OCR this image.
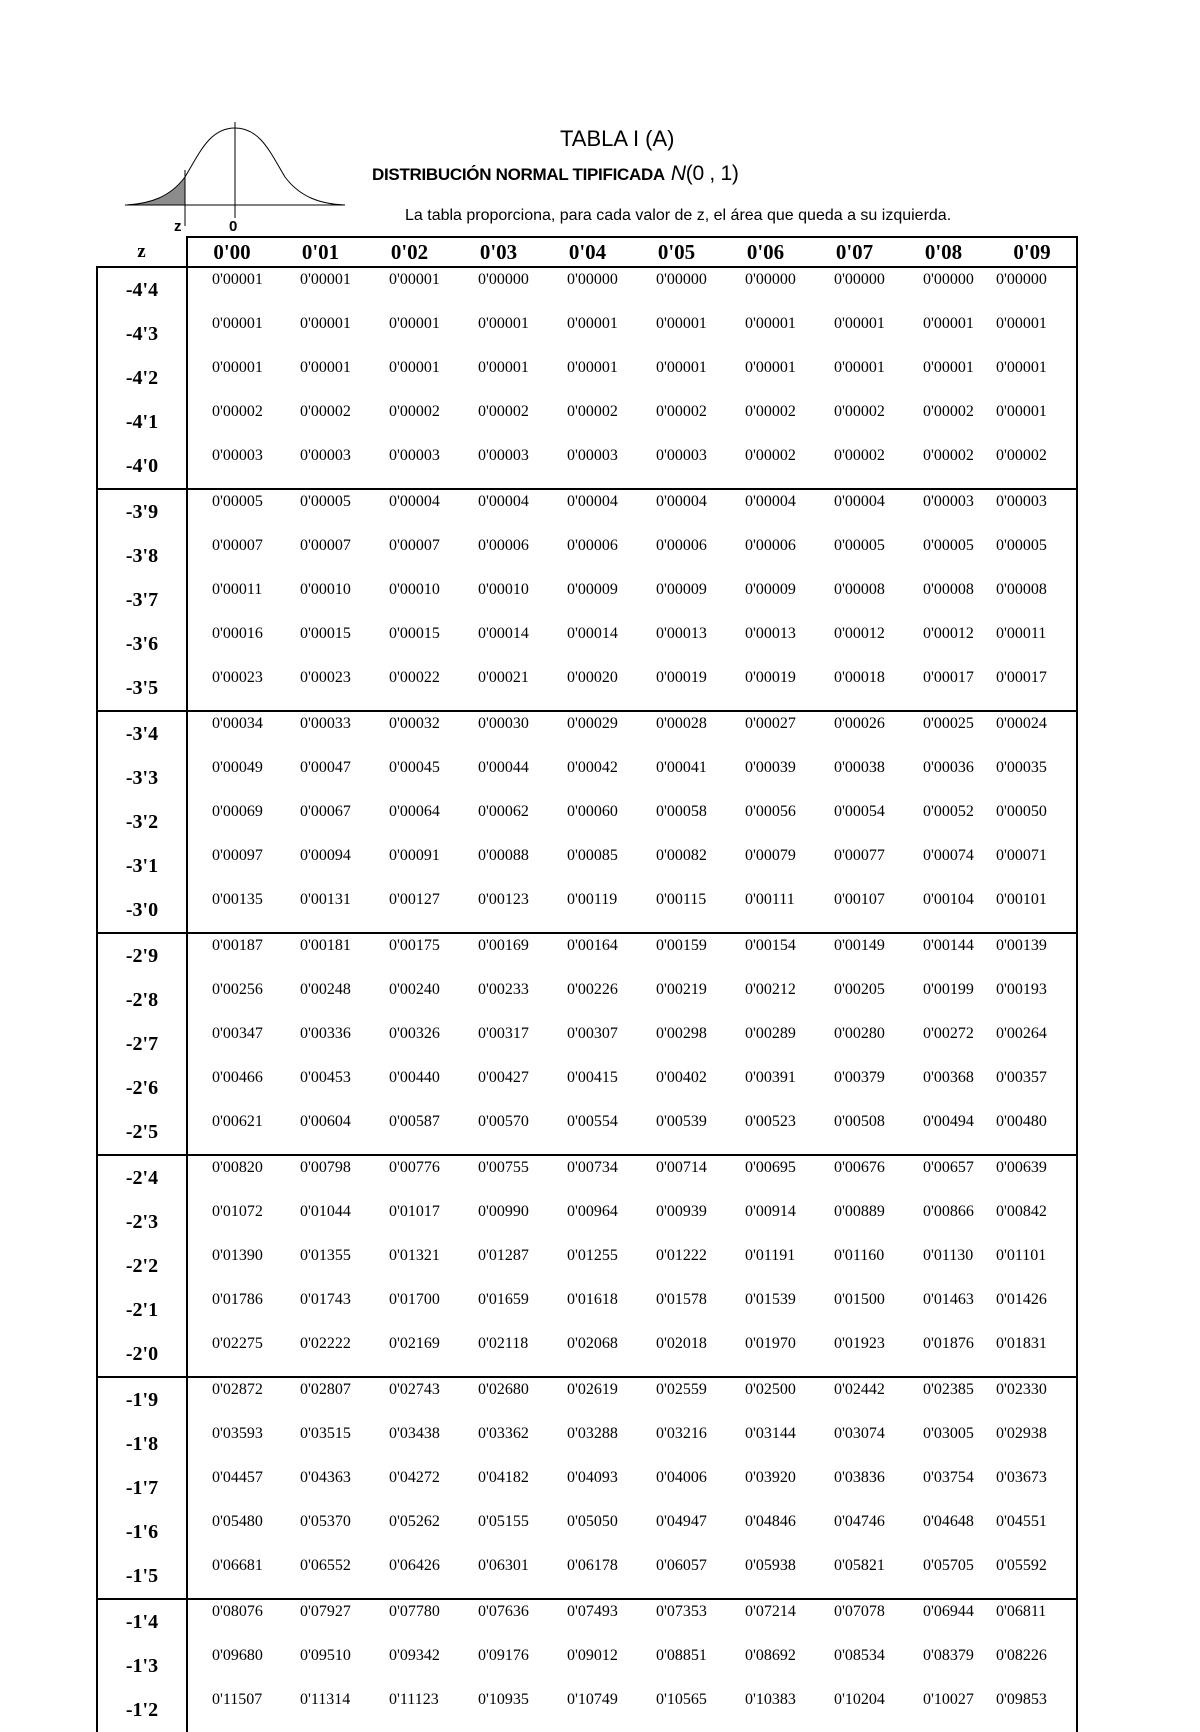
z	0
TABLA I (A)
DISTRIBUCIÓN NORMAL TIPIFICADA N(0 , 1)
La tabla proporciona, para cada valor de z, el área que queda a su izquierda.
z	0'00	0'01	0'02	0'03	0'04	0'05	0'06	0'07	0'08	0'09
-4'4	0'00001	0'00001	0'00001	0'00000	0'00000	0'00000	0'00000	0'00000	0'00000	0'00000
-4'3	0'00001	0'00001	0'00001	0'00001	0'00001	0'00001	0'00001	0'00001	0'00001	0'00001
-4'2	0'00001	0'00001	0'00001	0'00001	0'00001	0'00001	0'00001	0'00001	0'00001	0'00001
-4'1	0'00002	0'00002	0'00002	0'00002	0'00002	0'00002	0'00002	0'00002	0'00002	0'00001
-4'0	0'00003	0'00003	0'00003	0'00003	0'00003	0'00003	0'00002	0'00002	0'00002	0'00002
-3'9	0'00005	0'00005	0'00004	0'00004	0'00004	0'00004	0'00004	0'00004	0'00003	0'00003
-3'8	0'00007	0'00007	0'00007	0'00006	0'00006	0'00006	0'00006	0'00005	0'00005	0'00005
-3'7	0'00011	0'00010	0'00010	0'00010	0'00009	0'00009	0'00009	0'00008	0'00008	0'00008
-3'6	0'00016	0'00015	0'00015	0'00014	0'00014	0'00013	0'00013	0'00012	0'00012	0'00011
-3'5	0'00023	0'00023	0'00022	0'00021	0'00020	0'00019	0'00019	0'00018	0'00017	0'00017
-3'4	0'00034	0'00033	0'00032	0'00030	0'00029	0'00028	0'00027	0'00026	0'00025	0'00024
-3'3	0'00049	0'00047	0'00045	0'00044	0'00042	0'00041	0'00039	0'00038	0'00036	0'00035
-3'2	0'00069	0'00067	0'00064	0'00062	0'00060	0'00058	0'00056	0'00054	0'00052	0'00050
-3'1	0'00097	0'00094	0'00091	0'00088	0'00085	0'00082	0'00079	0'00077	0'00074	0'00071
-3'0	0'00135	0'00131	0'00127	0'00123	0'00119	0'00115	0'00111	0'00107	0'00104	0'00101
-2'9	0'00187	0'00181	0'00175	0'00169	0'00164	0'00159	0'00154	0'00149	0'00144	0'00139
-2'8	0'00256	0'00248	0'00240	0'00233	0'00226	0'00219	0'00212	0'00205	0'00199	0'00193
-2'7	0'00347	0'00336	0'00326	0'00317	0'00307	0'00298	0'00289	0'00280	0'00272	0'00264
-2'6	0'00466	0'00453	0'00440	0'00427	0'00415	0'00402	0'00391	0'00379	0'00368	0'00357
-2'5	0'00621	0'00604	0'00587	0'00570	0'00554	0'00539	0'00523	0'00508	0'00494	0'00480
-2'4	0'00820	0'00798	0'00776	0'00755	0'00734	0'00714	0'00695	0'00676	0'00657	0'00639
-2'3	0'01072	0'01044	0'01017	0'00990	0'00964	0'00939	0'00914	0'00889	0'00866	0'00842
-2'2	0'01390	0'01355	0'01321	0'01287	0'01255	0'01222	0'01191	0'01160	0'01130	0'01101
-2'1	0'01786	0'01743	0'01700	0'01659	0'01618	0'01578	0'01539	0'01500	0'01463	0'01426
-2'0	0'02275	0'02222	0'02169	0'02118	0'02068	0'02018	0'01970	0'01923	0'01876	0'01831
-1'9	0'02872	0'02807	0'02743	0'02680	0'02619	0'02559	0'02500	0'02442	0'02385	0'02330
-1'8	0'03593	0'03515	0'03438	0'03362	0'03288	0'03216	0'03144	0'03074	0'03005	0'02938
-1'7	0'04457	0'04363	0'04272	0'04182	0'04093	0'04006	0'03920	0'03836	0'03754	0'03673
-1'6	0'05480	0'05370	0'05262	0'05155	0'05050	0'04947	0'04846	0'04746	0'04648	0'04551
-1'5	0'06681	0'06552	0'06426	0'06301	0'06178	0'06057	0'05938	0'05821	0'05705	0'05592
-1'4	0'08076	0'07927	0'07780	0'07636	0'07493	0'07353	0'07214	0'07078	0'06944	0'06811
-1'3	0'09680	0'09510	0'09342	0'09176	0'09012	0'08851	0'08692	0'08534	0'08379	0'08226
-1'2	0'11507	0'11314	0'11123	0'10935	0'10749	0'10565	0'10383	0'10204	0'10027	0'09853
